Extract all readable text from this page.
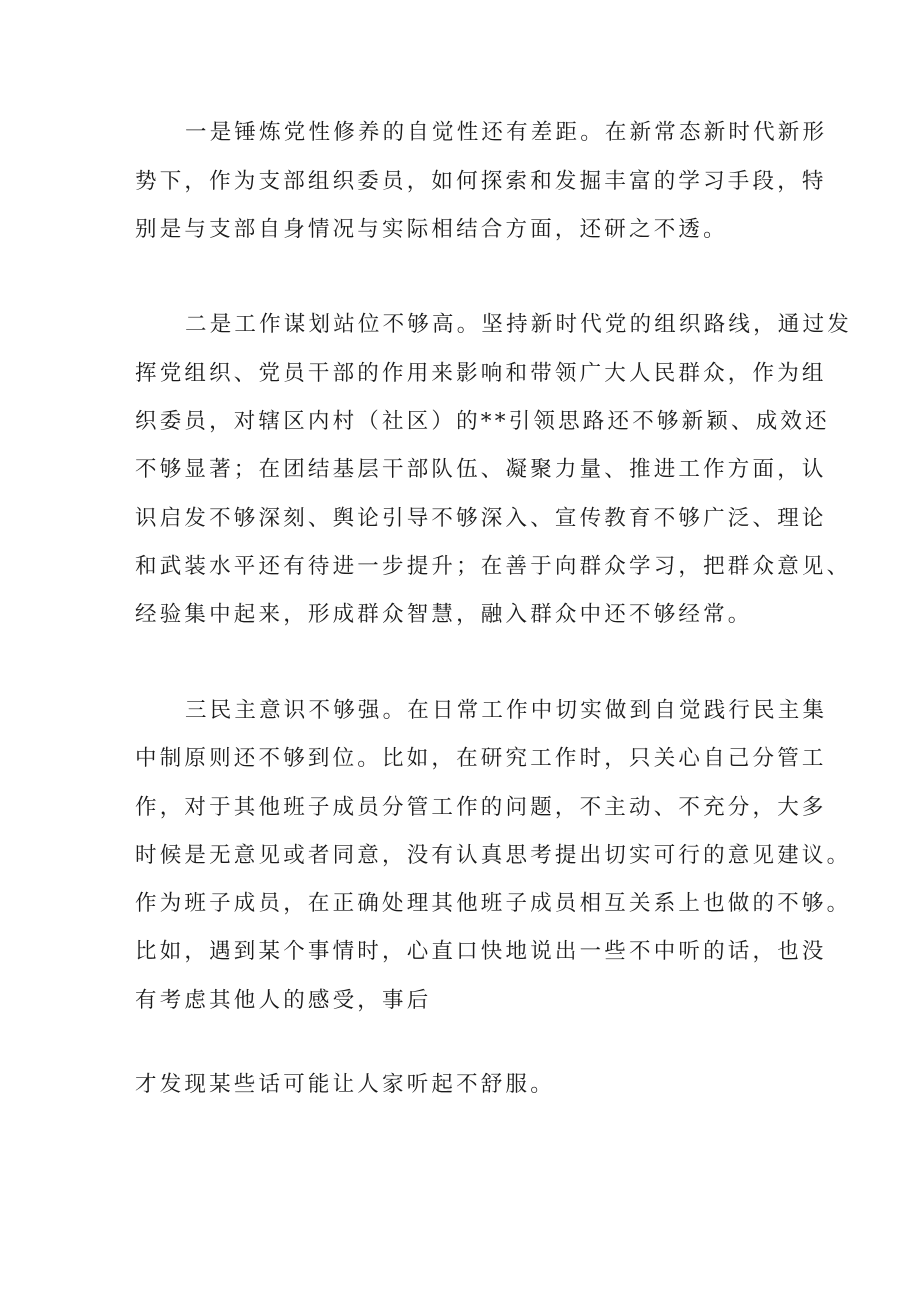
一是锤炼党性修养的自觉性还有差距。在新常态新时代新形
势下，作为支部组织委员，如何探索和发掘丰富的学习手段，特
别是与支部自身情况与实际相结合方面，还研之不透。
二是工作谋划站位不够高。坚持新时代党的组织路线，通过发
挥党组织、党员干部的作用来影响和带领广大人民群众，作为组
织委员，对辖区内村（社区）的**引领思路还不够新颖、成效还
不够显著；在团结基层干部队伍、凝聚力量、推进工作方面，认
识启发不够深刻、舆论引导不够深入、宣传教育不够广泛、理论
和武装水平还有待进一步提升；在善于向群众学习，把群众意见、
经验集中起来，形成群众智慧，融入群众中还不够经常。
三民主意识不够强。在日常工作中切实做到自觉践行民主集
中制原则还不够到位。比如，在研究工作时，只关心自己分管工
作，对于其他班子成员分管工作的问题，不主动、不充分，大多
时候是无意见或者同意，没有认真思考提出切实可行的意见建议。
作为班子成员，在正确处理其他班子成员相互关系上也做的不够。
比如，遇到某个事情时，心直口快地说出一些不中听的话，也没
有考虑其他人的感受，事后
才发现某些话可能让人家听起不舒服。
